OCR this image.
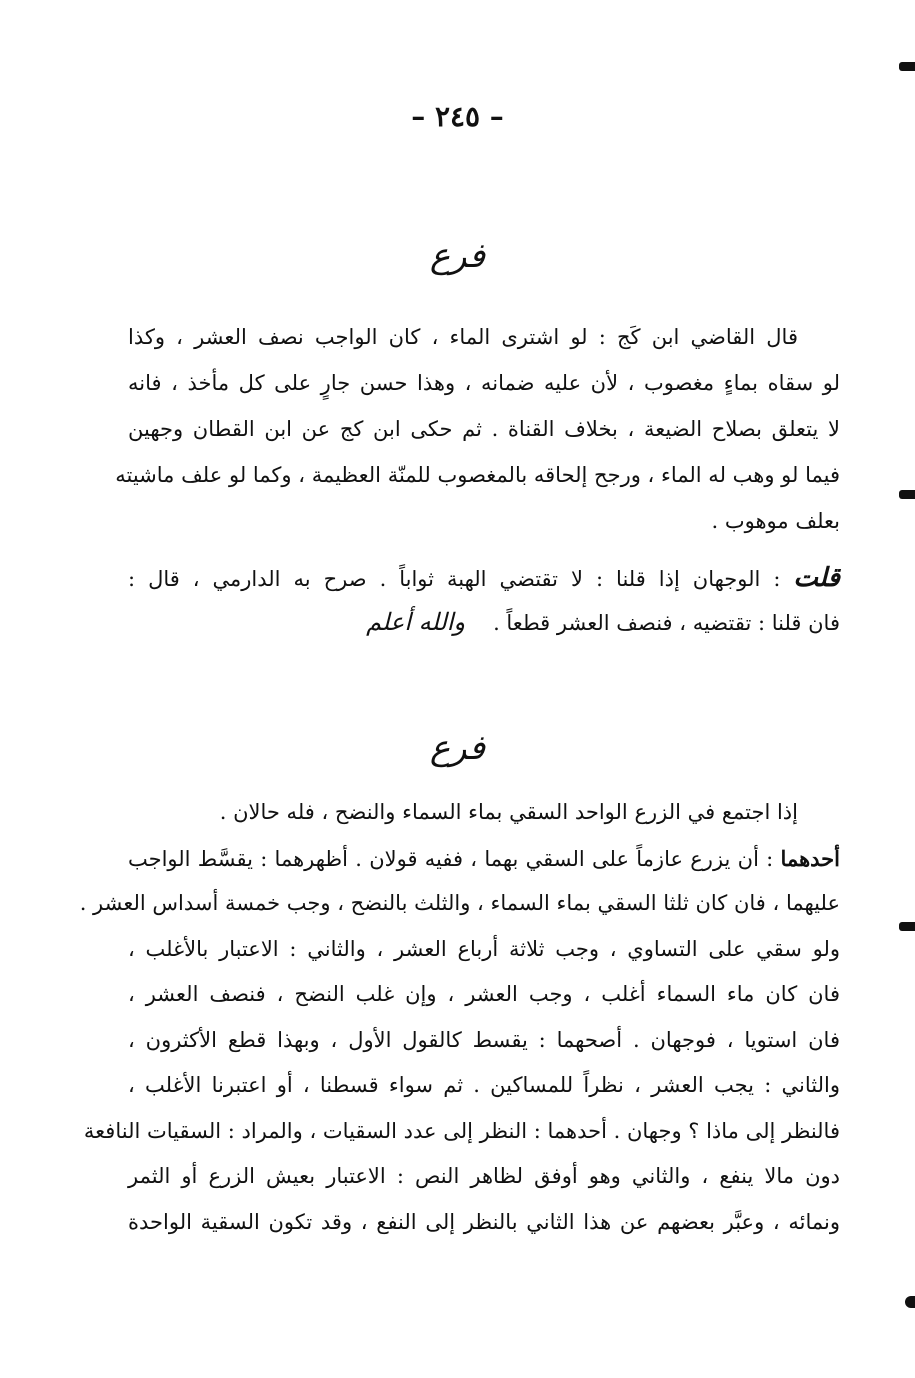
– ٢٤٥ –
فرع
قال القاضي ابن كَج : لو اشترى الماء ، كان الواجب نصف العشر ، وكذا
لو سقاه بماءٍ مغصوب ، لأن عليه ضمانه ، وهذا حسن جارٍ على كل مأخذ ، فانه
لا يتعلق بصلاح الضيعة ، بخلاف القناة . ثم حكى ابن كج عن ابن القطان وجهين
فيما لو وهب له الماء ، ورجح إلحاقه بالمغصوب للمنّة العظيمة ، وكما لو علف ماشيته
بعلف موهوب .
قلت : الوجهان إذا قلنا : لا تقتضي الهبة ثواباً . صرح به الدارمي ، قال :
فان قلنا : تقتضيه ، فنصف العشر قطعاً .والله أعلم
فرع
إذا اجتمع في الزرع الواحد السقي بماء السماء والنضح ، فله حالان .
أحدهما : أن يزرع عازماً على السقي بهما ، ففيه قولان . أظهرهما : يقسَّط الواجب
عليهما ، فان كان ثلثا السقي بماء السماء ، والثلث بالنضح ، وجب خمسة أسداس العشر .
ولو سقي على التساوي ، وجب ثلاثة أرباع العشر ، والثاني : الاعتبار بالأغلب ،
فان كان ماء السماء أغلب ، وجب العشر ، وإن غلب النضح ، فنصف العشر ،
فان استويا ، فوجهان . أصحهما : يقسط كالقول الأول ، وبهذا قطع الأكثرون ،
والثاني : يجب العشر ، نظراً للمساكين . ثم سواء قسطنا ، أو اعتبرنا الأغلب ،
فالنظر إلى ماذا ؟ وجهان . أحدهما : النظر إلى عدد السقيات ، والمراد : السقيات النافعة
دون مالا ينفع ، والثاني وهو أوفق لظاهر النص : الاعتبار بعيش الزرع أو الثمر
ونمائه ، وعبَّر بعضهم عن هذا الثاني بالنظر إلى النفع ، وقد تكون السقية الواحدة
